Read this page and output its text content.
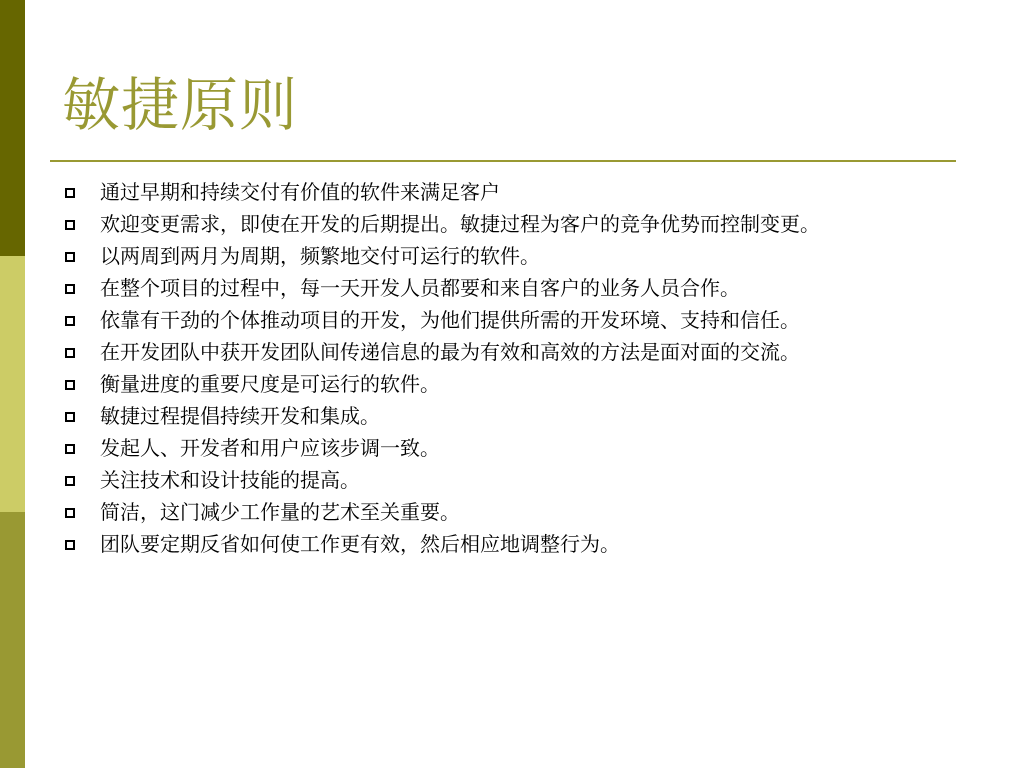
敏捷原则
通过早期和持续交付有价值的软件来满足客户
欢迎变更需求，即使在开发的后期提出。敏捷过程为客户的竞争优势而控制变更。
以两周到两月为周期，频繁地交付可运行的软件。
在整个项目的过程中，每一天开发人员都要和来自客户的业务人员合作。
依靠有干劲的个体推动项目的开发，为他们提供所需的开发环境、支持和信任。
在开发团队中获开发团队间传递信息的最为有效和高效的方法是面对面的交流。
衡量进度的重要尺度是可运行的软件。
敏捷过程提倡持续开发和集成。
发起人、开发者和用户应该步调一致。
关注技术和设计技能的提高。
简洁，这门减少工作量的艺术至关重要。
团队要定期反省如何使工作更有效，然后相应地调整行为。
